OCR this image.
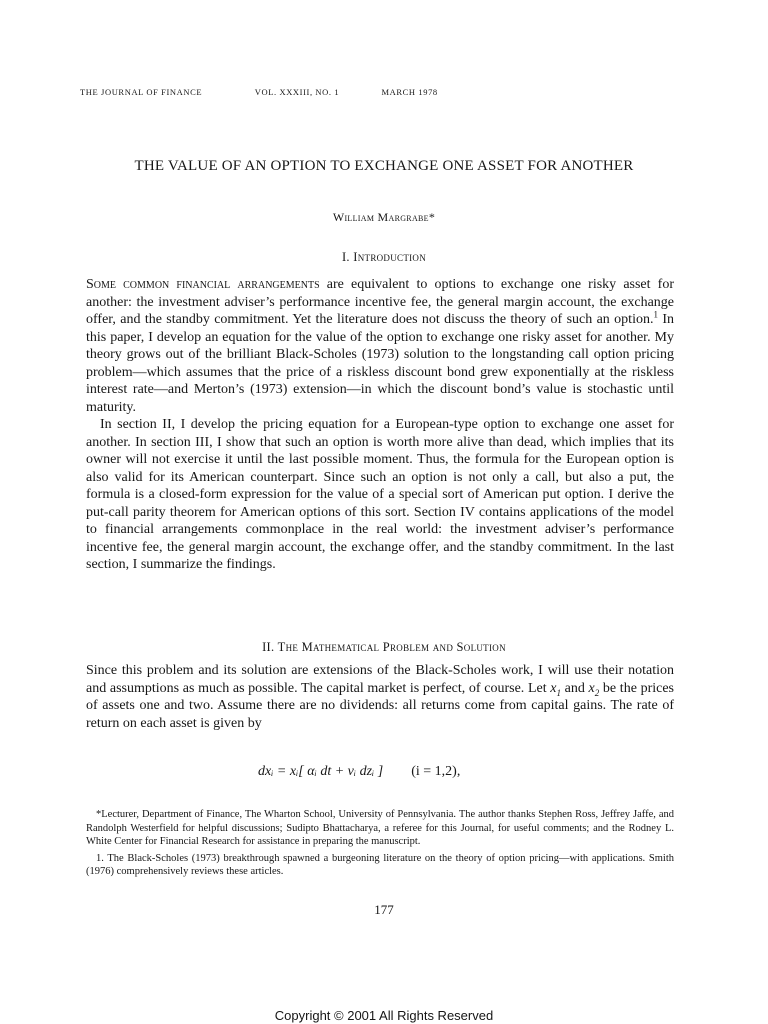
THE JOURNAL OF FINANCE	VOL. XXXIII, NO. 1	MARCH 1978
THE VALUE OF AN OPTION TO EXCHANGE ONE ASSET FOR ANOTHER
William Margrabe*
I. Introduction

Some common financial arrangements are equivalent to options to exchange one risky asset for another: the investment adviser’s performance incentive fee, the general margin account, the exchange offer, and the standby commitment. Yet the literature does not discuss the theory of such an option.$^1$ In this paper, I develop an equation for the value of the option to exchange one risky asset for another. My theory grows out of the brilliant Black-Scholes (1973) solution to the longstanding call option pricing problem—which assumes that the price of a riskless discount bond grew exponentially at the riskless interest rate—and Merton’s (1973) extension—in which the discount bond’s value is stochastic until maturity.

In section II, I develop the pricing equation for a European-type option to exchange one asset for another. In section III, I show that such an option is worth more alive than dead, which implies that its owner will not exercise it until the last possible moment. Thus, the formula for the European option is also valid for its American counterpart. Since such an option is not only a call, but also a put, the formula is a closed-form expression for the value of a special sort of American put option. I derive the put-call parity theorem for American options of this sort. Section IV contains applications of the model to financial arrangements commonplace in the real world: the investment adviser’s performance incentive fee, the general margin account, the exchange offer, and the standby commitment. In the last section, I summarize the findings.

II. The Mathematical Problem and Solution

Since this problem and its solution are extensions of the Black-Scholes work, I will use their notation and assumptions as much as possible. The capital market is perfect, of course. Let $x_1$ and $x_2$ be the prices of assets one and two. Assume there are no dividends: all returns come from capital gains. The rate of return on each asset is given by

dxᵢ = xᵢ[ αᵢ dt + vᵢ dzᵢ ] (i = 1,2),

*Lecturer, Department of Finance, The Wharton School, University of Pennsylvania. The author thanks Stephen Ross, Jeffrey Jaffe, and Randolph Westerfield for helpful discussions; Sudipto Bhattacharya, a referee for this Journal, for useful comments; and the Rodney L. White Center for Financial Research for assistance in preparing the manuscript.

1. The Black-Scholes (1973) breakthrough spawned a burgeoning literature on the theory of option pricing—with applications. Smith (1976) comprehensively reviews these articles.

177
Copyright © 2001 All Rights Reserved
